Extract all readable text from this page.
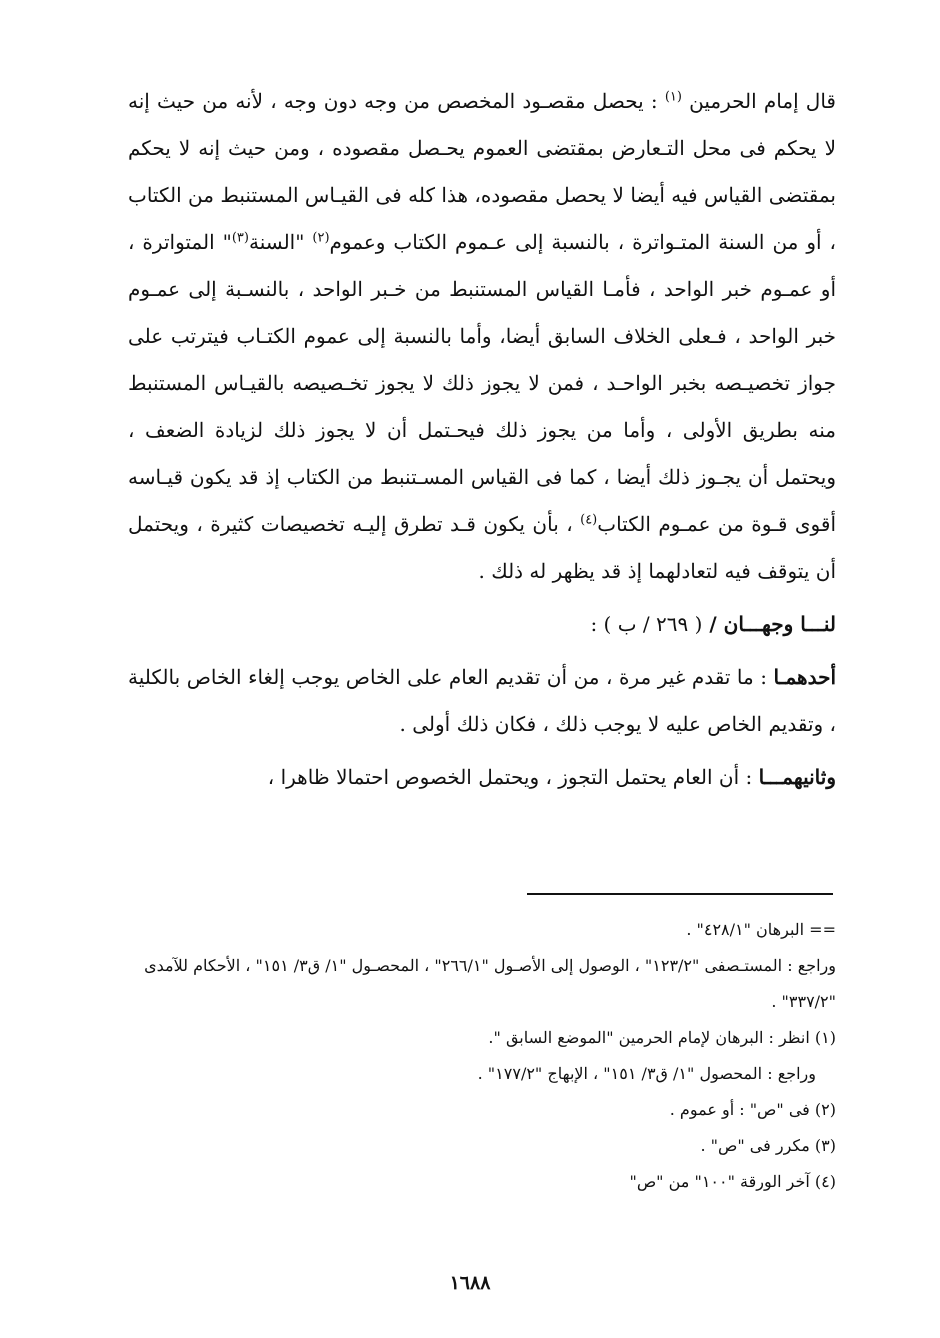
قال إمام الحرمين $^{(١)}$ : يحصل مقصـود المخصص من وجه دون وجه ، لأنه من حيث إنه لا يحكم فى محل التـعارض بمقتضى العموم يحـصل مقصوده ، ومن حيث إنه لا يحكم بمقتضى القياس فيه أيضا لا يحصل مقصوده، هذا كله فى القيـاس المستنبط من الكتاب ، أو من السنة المتـواترة ، بالنسبة إلى عـموم الكتاب وعموم$^{(٢)}$ "السنة$^{(٣)}$" المتواترة ، أو عمـوم خبر الواحد ، فأمـا القياس المستنبط من خـبر الواحد ، بالنسـبة إلى عمـوم خبر الواحد ، فـعلى الخلاف السابق أيضا، وأما بالنسبة إلى عموم الكتـاب فيترتب على جواز تخصيـصه بخبر الواحـد ، فمن لا يجوز ذلك لا يجوز تخـصيصه بالقيـاس المستنبط منه بطريق الأولى ، وأما من يجوز ذلك فيحـتمل أن لا يجوز ذلك لزيادة الضعف ، ويحتمل أن يجـوز ذلك أيضا ، كما فى القياس المسـتنبط من الكتاب إذ قد يكون قيـاسه أقوى قـوة من عمـوم الكتاب$^{(٤)}$ ، بأن يكون قـد تطرق إليـه تخصيصات كثيرة ، ويحتمل أن يتوقف فيه لتعادلهما إذ قد يظهر له ذلك .

لنـــا وجهـــان / ( ٢٦٩ / ب ) :

أحدهمـا : ما تقدم غير مرة ، من أن تقديم العام على الخاص يوجب إلغاء الخاص بالكلية ، وتقديم الخاص عليه لا يوجب ذلك ، فكان ذلك أولى .

وثانيهمـــا : أن العام يحتمل التجوز ، ويحتمل الخصوص احتمالا ظاهرا ،

== البرهان "٤٢٨/١" .

وراجع : المستـصفى "١٢٣/٢" ، الوصول إلى الأصـول "٢٦٦/١" ، المحصـول "١/ ق٣/ ١٥١" ، الأحكام للآمدى "٣٣٧/٢" .

(١) انظر : البرهان لإمام الحرمين "الموضع السابق ".

وراجع : المحصول "١/ ق٣/ ١٥١" ، الإبهاج "١٧٧/٢" .

(٢) فى "ص" : أو عموم .

(٣) مكرر فى "ص" .

(٤) آخر الورقة "١٠٠" من "ص"

١٦٨٨
